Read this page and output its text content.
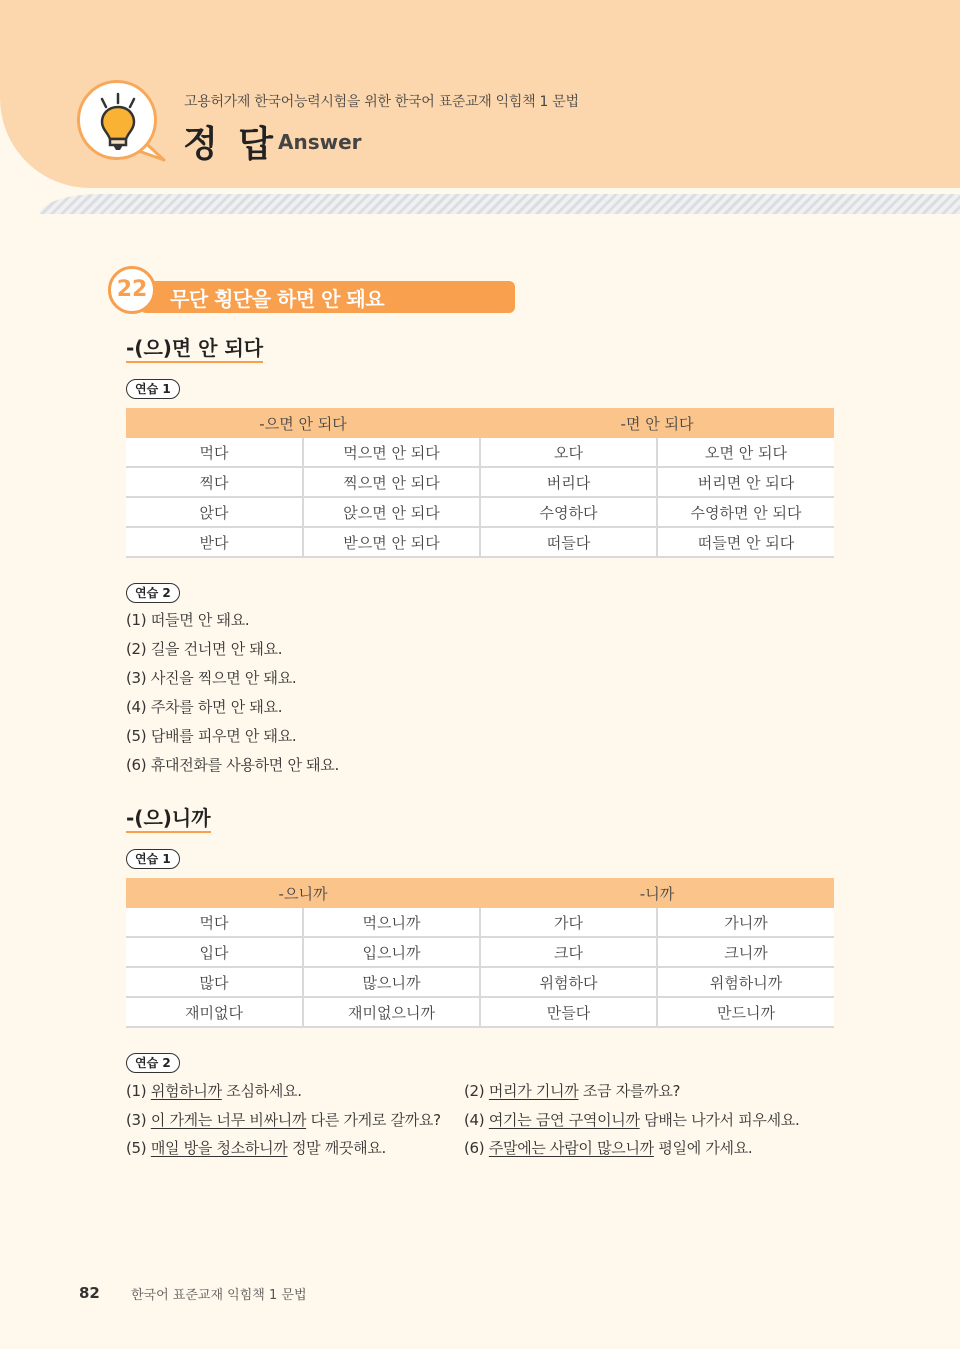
고용허가제 한국어능력시험을 위한 한국어 표준교재 익힘책 1 문법
정 답 Answer
무단 횡단을 하면 안 돼요
22
-(으)면 안 되다
연습 1
-으면 안 되다		-면 안 되다	
먹다	먹으면 안 되다	오다	오면 안 되다
찍다	찍으면 안 되다	버리다	버리면 안 되다
앉다	앉으면 안 되다	수영하다	수영하면 안 되다
받다	받으면 안 되다	떠들다	떠들면 안 되다
연습 2
(1) 떠들면 안 돼요.
(2) 길을 건너면 안 돼요.
(3) 사진을 찍으면 안 돼요.
(4) 주차를 하면 안 돼요.
(5) 담배를 피우면 안 돼요.
(6) 휴대전화를 사용하면 안 돼요.
-(으)니까
연습 1
-으니까		-니까	
먹다	먹으니까	가다	가니까
입다	입으니까	크다	크니까
많다	많으니까	위험하다	위험하니까
재미없다	재미없으니까	만들다	만드니까
연습 2
(1) 위험하니까 조심하세요.	(2) 머리가 기니까 조금 자를까요?
(3) 이 가게는 너무 비싸니까 다른 가게로 갈까요? (4) 여기는 금연 구역이니까 담배는 나가서 피우세요.
(5) 매일 방을 청소하니까 정말 깨끗해요.	(6) 주말에는 사람이 많으니까 평일에 가세요.
82 한국어 표준교재 익힘책 1 문법
